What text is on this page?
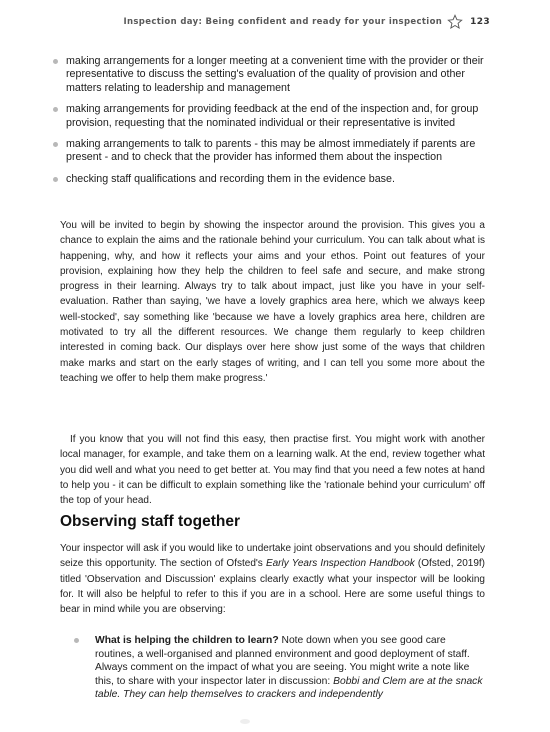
Inspection day: Being confident and ready for your inspection	123
making arrangements for a longer meeting at a convenient time with the provider or their representative to discuss the setting's evaluation of the quality of provision and other matters relating to leadership and management
making arrangements for providing feedback at the end of the inspection and, for group provision, requesting that the nominated individual or their representative is invited
making arrangements to talk to parents - this may be almost immediately if parents are present - and to check that the provider has informed them about the inspection
checking staff qualifications and recording them in the evidence base.

You will be invited to begin by showing the inspector around the provision. This gives you a chance to explain the aims and the rationale behind your curriculum. You can talk about what is happening, why, and how it reflects your aims and your ethos. Point out features of your provision, explaining how they help the children to feel safe and secure, and make strong progress in their learning. Always try to talk about impact, just like you have in your self-evaluation. Rather than saying, 'we have a lovely graphics area here, which we always keep well-stocked', say something like 'because we have a lovely graphics area here, children are motivated to try all the different resources. We change them regularly to keep children interested in coming back. Our displays over here show just some of the ways that children make marks and start on the early stages of writing, and I can tell you some more about the teaching we offer to help them make progress.'

If you know that you will not find this easy, then practise first. You might work with another local manager, for example, and take them on a learning walk. At the end, review together what you did well and what you need to get better at. You may find that you need a few notes at hand to help you - it can be difficult to explain something like the 'rationale behind your curriculum' off the top of your head.

Observing staff together

Your inspector will ask if you would like to undertake joint observations and you should definitely seize this opportunity. The section of Ofsted's Early Years Inspection Handbook (Ofsted, 2019f) titled 'Observation and Discussion' explains clearly exactly what your inspector will be looking for. It will also be helpful to refer to this if you are in a school. Here are some useful things to bear in mind while you are observing:

What is helping the children to learn? Note down when you see good care routines, a well-organised and planned environment and good deployment of staff. Always comment on the impact of what you are seeing. You might write a note like this, to share with your inspector later in discussion: Bobbi and Clem are at the snack table. They can help themselves to crackers and independently
